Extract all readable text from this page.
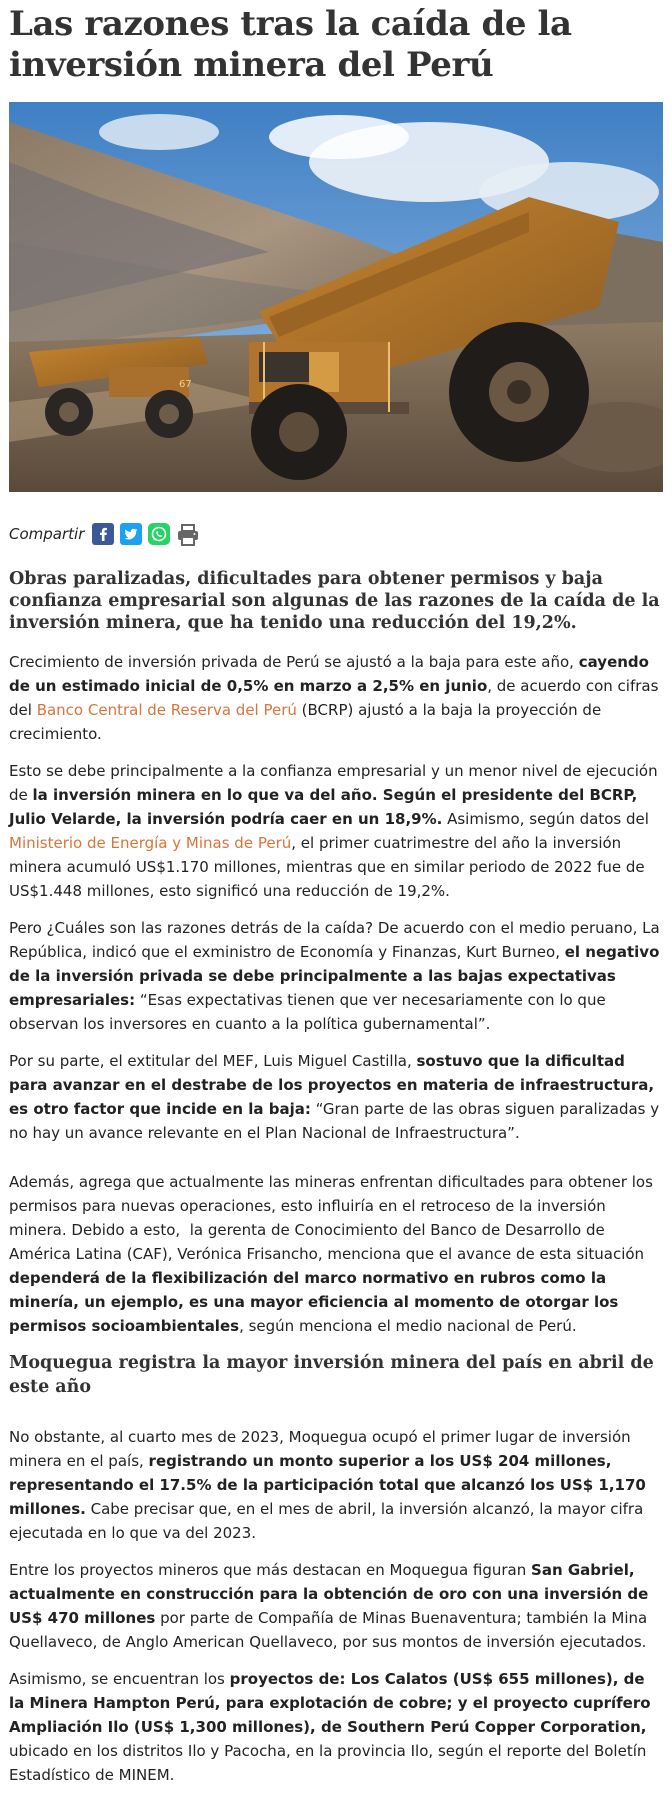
Las razones tras la caída de la inversión minera del Perú
67
Compartir

Obras paralizadas, dificultades para obtener permisos y baja confianza empresarial son algunas de las razones de la caída de la inversión minera, que ha tenido una reducción del 19,2%.

Crecimiento de inversión privada de Perú se ajustó a la baja para este año, cayendo de un estimado inicial de 0,5% en marzo a 2,5% en junio, de acuerdo con cifras del Banco Central de Reserva del Perú (BCRP) ajustó a la baja la proyección de crecimiento.

Esto se debe principalmente a la confianza empresarial y un menor nivel de ejecución de la inversión minera en lo que va del año. Según el presidente del BCRP, Julio Velarde, la inversión podría caer en un 18,9%. Asimismo, según datos del Ministerio de Energía y Minas de Perú, el primer cuatrimestre del año la inversión minera acumuló US$1.170 millones, mientras que en similar periodo de 2022 fue de US$1.448 millones, esto significó una reducción de 19,2%.

Pero ¿Cuáles son las razones detrás de la caída? De acuerdo con el medio peruano, La República, indicó que el exministro de Economía y Finanzas, Kurt Burneo, el negativo de la inversión privada se debe principalmente a las bajas expectativas empresariales: “Esas expectativas tienen que ver necesariamente con lo que observan los inversores en cuanto a la política gubernamental”.

Por su parte, el extitular del MEF, Luis Miguel Castilla, sostuvo que la dificultad para avanzar en el destrabe de los proyectos en materia de infraestructura, es otro factor que incide en la baja: “Gran parte de las obras siguen paralizadas y no hay un avance relevante en el Plan Nacional de Infraestructura”.

Además, agrega que actualmente las mineras enfrentan dificultades para obtener los permisos para nuevas operaciones, esto influiría en el retroceso de la inversión minera. Debido a esto,  la gerenta de Conocimiento del Banco de Desarrollo de América Latina (CAF), Verónica Frisancho, menciona que el avance de esta situación dependerá de la flexibilización del marco normativo en rubros como la minería, un ejemplo, es una mayor eficiencia al momento de otorgar los permisos socioambientales, según menciona el medio nacional de Perú.

Moquegua registra la mayor inversión minera del país en abril de este año

No obstante, al cuarto mes de 2023, Moquegua ocupó el primer lugar de inversión minera en el país, registrando un monto superior a los US$ 204 millones, representando el 17.5% de la participación total que alcanzó los US$ 1,170 millones. Cabe precisar que, en el mes de abril, la inversión alcanzó, la mayor cifra ejecutada en lo que va del 2023.

Entre los proyectos mineros que más destacan en Moquegua figuran San Gabriel, actualmente en construcción para la obtención de oro con una inversión de US$ 470 millones por parte de Compañía de Minas Buenaventura; también la Mina Quellaveco, de Anglo American Quellaveco, por sus montos de inversión ejecutados.

Asimismo, se encuentran los proyectos de: Los Calatos (US$ 655 millones), de la Minera Hampton Perú, para explotación de cobre; y el proyecto cuprífero Ampliación Ilo (US$ 1,300 millones), de Southern Perú Copper Corporation, ubicado en los distritos Ilo y Pacocha, en la provincia Ilo, según el reporte del Boletín Estadístico de MINEM.
